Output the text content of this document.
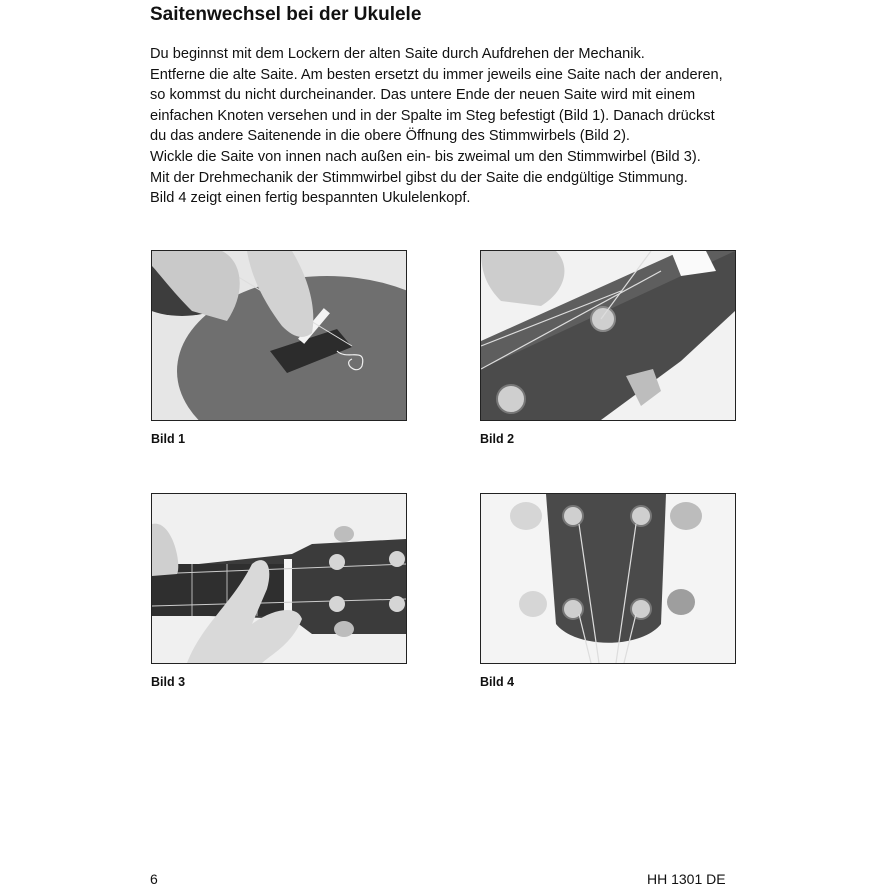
Saitenwechsel bei der Ukulele

Du beginnst mit dem Lockern der alten Saite durch Aufdrehen der Mechanik.

Entferne die alte Saite. Am besten ersetzt du immer jeweils eine Saite nach der anderen,

so kommst du nicht durcheinander. Das untere Ende der neuen Saite wird mit einem

einfachen Knoten versehen und in der Spalte im Steg befestigt (Bild 1). Danach drückst

du das andere Saitenende in die obere Öffnung des Stimmwirbels (Bild 2).

Wickle die Saite von innen nach außen ein- bis zweimal um den Stimmwirbel (Bild 3).

Mit der Drehmechanik der Stimmwirbel gibst du der Saite die endgültige Stimmung.

Bild 4 zeigt einen fertig bespannten Ukulelenkopf.

Bild 1	Bild 2
Bild 3	Bild 4
6	HH 1301 DE
